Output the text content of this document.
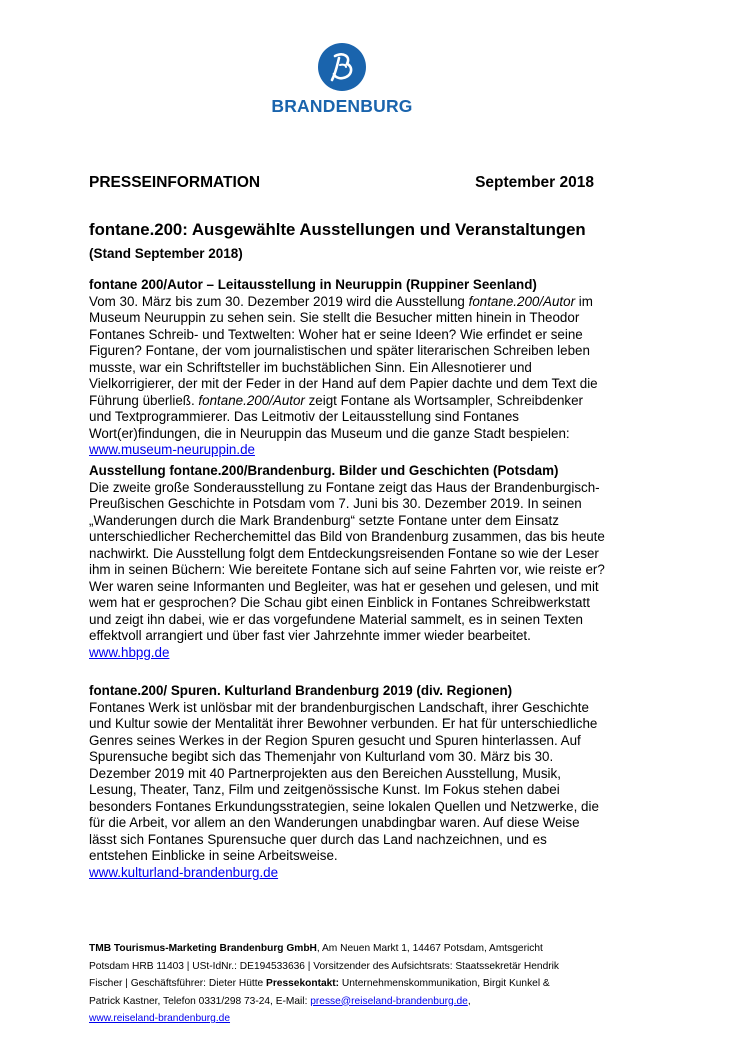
BRANDENBURG
PRESSEINFORMATION	September 2018
fontane.200: Ausgewählte Ausstellungen und Veranstaltungen (Stand September 2018)

fontane 200/Autor – Leitausstellung in Neuruppin (Ruppiner Seenland)

Vom 30. März bis zum 30. Dezember 2019 wird die Ausstellung fontane.200/Autor im Museum Neuruppin zu sehen sein. Sie stellt die Besucher mitten hinein in Theodor Fontanes Schreib- und Textwelten: Woher hat er seine Ideen? Wie erfindet er seine Figuren? Fontane, der vom journalistischen und später literarischen Schreiben leben musste, war ein Schriftsteller im buchstäblichen Sinn. Ein Allesnotierer und Vielkorrigierer, der mit der Feder in der Hand auf dem Papier dachte und dem Text die Führung überließ. fontane.200/Autor zeigt Fontane als Wortsampler, Schreibdenker und Textprogrammierer. Das Leitmotiv der Leitausstellung sind Fontanes Wort(er)findungen, die in Neuruppin das Museum und die ganze Stadt bespielen: www.museum-neuruppin.de

Ausstellung fontane.200/Brandenburg. Bilder und Geschichten (Potsdam)

Die zweite große Sonderausstellung zu Fontane zeigt das Haus der Brandenburgisch-Preußischen Geschichte in Potsdam vom 7. Juni bis 30. Dezember 2019. In seinen „Wanderungen durch die Mark Brandenburg“ setzte Fontane unter dem Einsatz unterschiedlicher Recherchemittel das Bild von Brandenburg zusammen, das bis heute nachwirkt. Die Ausstellung folgt dem Entdeckungsreisenden Fontane so wie der Leser ihm in seinen Büchern: Wie bereitete Fontane sich auf seine Fahrten vor, wie reiste er? Wer waren seine Informanten und Begleiter, was hat er gesehen und gelesen, und mit wem hat er gesprochen? Die Schau gibt einen Einblick in Fontanes Schreibwerkstatt und zeigt ihn dabei, wie er das vorgefundene Material sammelt, es in seinen Texten effektvoll arrangiert und über fast vier Jahrzehnte immer wieder bearbeitet.

www.hbpg.de

fontane.200/ Spuren. Kulturland Brandenburg 2019 (div. Regionen)

Fontanes Werk ist unlösbar mit der brandenburgischen Landschaft, ihrer Geschichte und Kultur sowie der Mentalität ihrer Bewohner verbunden. Er hat für unterschiedliche Genres seines Werkes in der Region Spuren gesucht und Spuren hinterlassen. Auf Spurensuche begibt sich das Themenjahr von Kulturland vom 30. März bis 30. Dezember 2019 mit 40 Partnerprojekten aus den Bereichen Ausstellung, Musik, Lesung, Theater, Tanz, Film und zeitgenössische Kunst. Im Fokus stehen dabei besonders Fontanes Erkundungsstrategien, seine lokalen Quellen und Netzwerke, die für die Arbeit, vor allem an den Wanderungen unabdingbar waren. Auf diese Weise lässt sich Fontanes Spurensuche quer durch das Land nachzeichnen, und es entstehen Einblicke in seine Arbeitsweise.

www.kulturland-brandenburg.de

TMB Tourismus-Marketing Brandenburg GmbH, Am Neuen Markt 1, 14467 Potsdam, Amtsgericht Potsdam HRB 11403 | USt-IdNr.: DE194533636 | Vorsitzender des Aufsichtsrats: Staatssekretär Hendrik Fischer | Geschäftsführer: Dieter Hütte Pressekontakt: Unternehmenskommunikation, Birgit Kunkel & Patrick Kastner, Telefon 0331/298 73-24, E-Mail: presse@reiseland-brandenburg.de,
www.reiseland-brandenburg.de
